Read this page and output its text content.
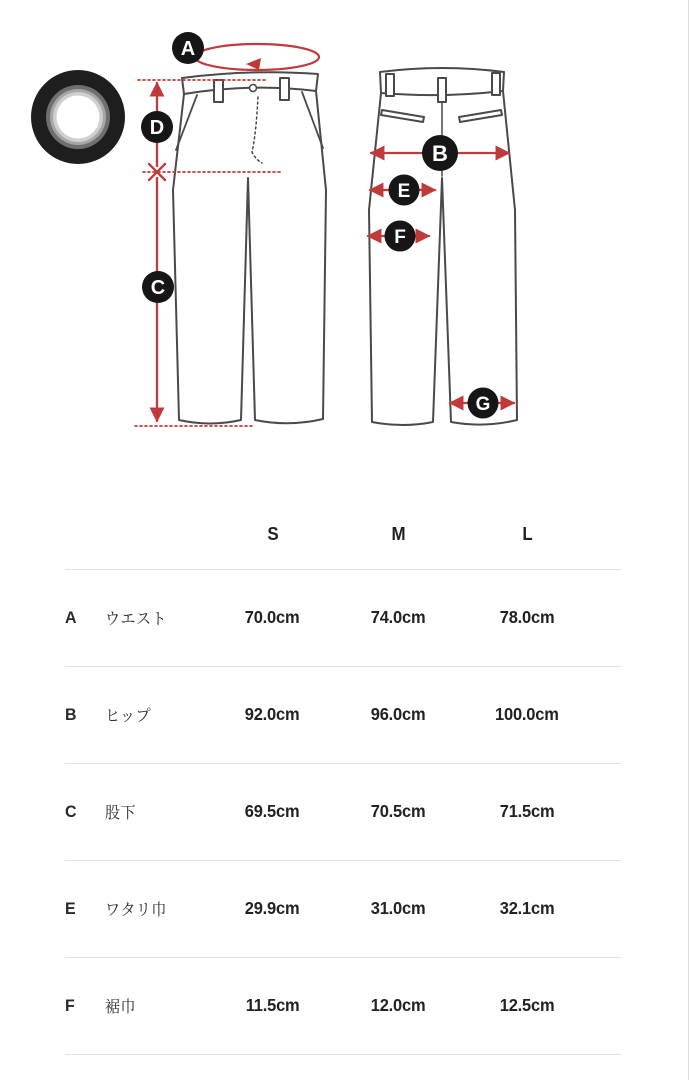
A
D
C
B
E
F
G
		S	M	L	
A	ウエスト	70.0cm	74.0cm	78.0cm	
B	ヒップ	92.0cm	96.0cm	100.0cm	
C	股下	69.5cm	70.5cm	71.5cm	
E	ワタリ巾	29.9cm	31.0cm	32.1cm	
F	裾巾	11.5cm	12.0cm	12.5cm	
